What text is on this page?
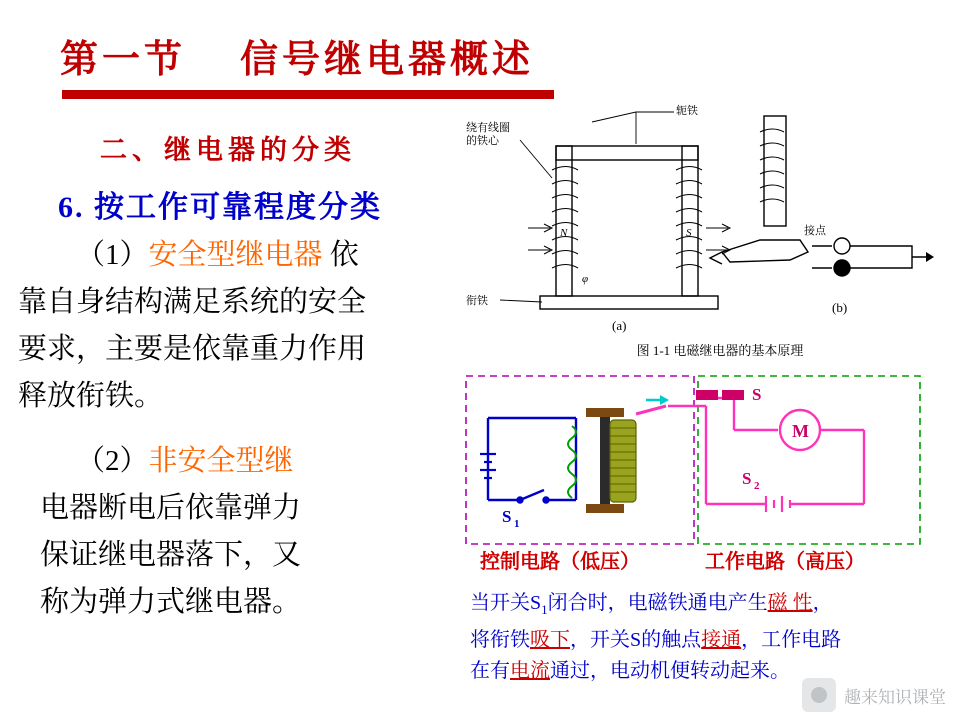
第一节    信号继电器概述
二、继电器的分类
6. 按工作可靠程度分类

（1）安全型继电器 依

靠自身结构满足系统的安全

要求，主要是依靠重力作用

释放衔铁。

（2）非安全型继

电器断电后依靠弹力

保证继电器落下，又

称为弹力式继电器。

N	S
φ
轭铁
绕有线圈
的铁心
衔铁
接点
(a)
(b)
图 1-1 电磁继电器的基本原理
S 1
S
M
S 2
控制电路（低压）	工作电路（高压）

当开关$S_1$闭合时，电磁铁通电产生磁 性，

将衔铁吸下，开关S的触点接通，工作电路

在有电流通过，电动机便转动起来。

趣来知识课堂
